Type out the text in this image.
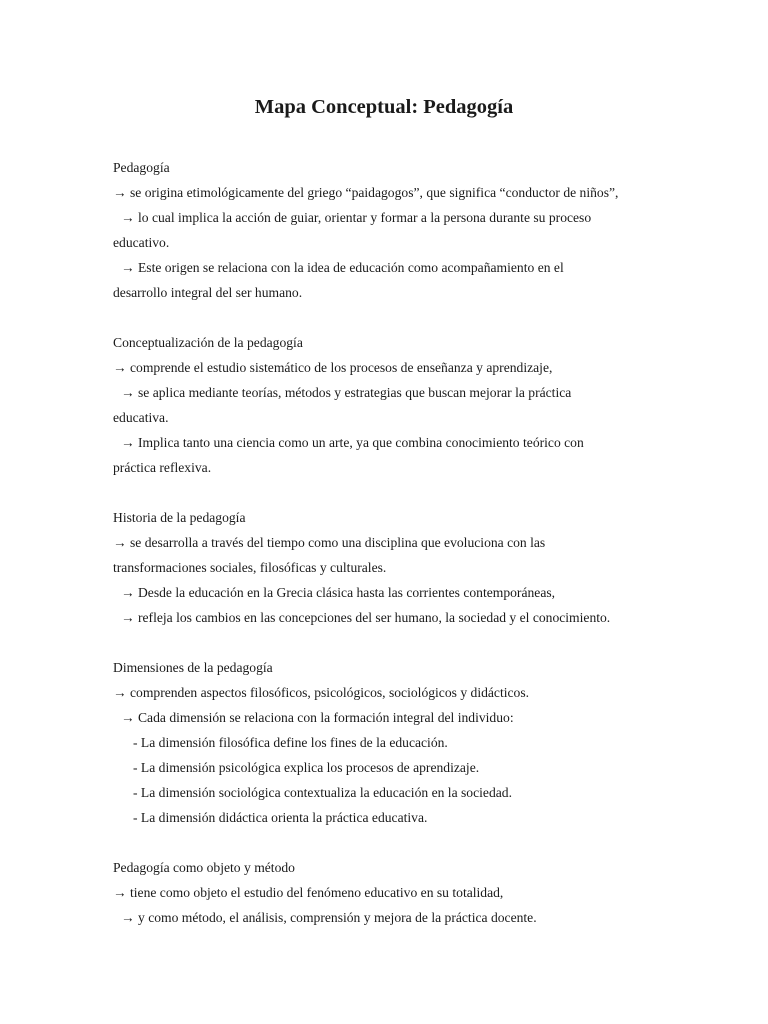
Mapa Conceptual: Pedagogía
Pedagogía
→ se origina etimológicamente del griego “paidagogos”, que significa “conductor de niños”,
→ lo cual implica la acción de guiar, orientar y formar a la persona durante su proceso
educativo.
→ Este origen se relaciona con la idea de educación como acompañamiento en el
desarrollo integral del ser humano.
Conceptualización de la pedagogía
→ comprende el estudio sistemático de los procesos de enseñanza y aprendizaje,
→ se aplica mediante teorías, métodos y estrategias que buscan mejorar la práctica
educativa.
→ Implica tanto una ciencia como un arte, ya que combina conocimiento teórico con
práctica reflexiva.
Historia de la pedagogía
→ se desarrolla a través del tiempo como una disciplina que evoluciona con las
transformaciones sociales, filosóficas y culturales.
→ Desde la educación en la Grecia clásica hasta las corrientes contemporáneas,
→ refleja los cambios en las concepciones del ser humano, la sociedad y el conocimiento.
Dimensiones de la pedagogía
→ comprenden aspectos filosóficos, psicológicos, sociológicos y didácticos.
→ Cada dimensión se relaciona con la formación integral del individuo:
- La dimensión filosófica define los fines de la educación.
- La dimensión psicológica explica los procesos de aprendizaje.
- La dimensión sociológica contextualiza la educación en la sociedad.
- La dimensión didáctica orienta la práctica educativa.
Pedagogía como objeto y método
→ tiene como objeto el estudio del fenómeno educativo en su totalidad,
→ y como método, el análisis, comprensión y mejora de la práctica docente.
